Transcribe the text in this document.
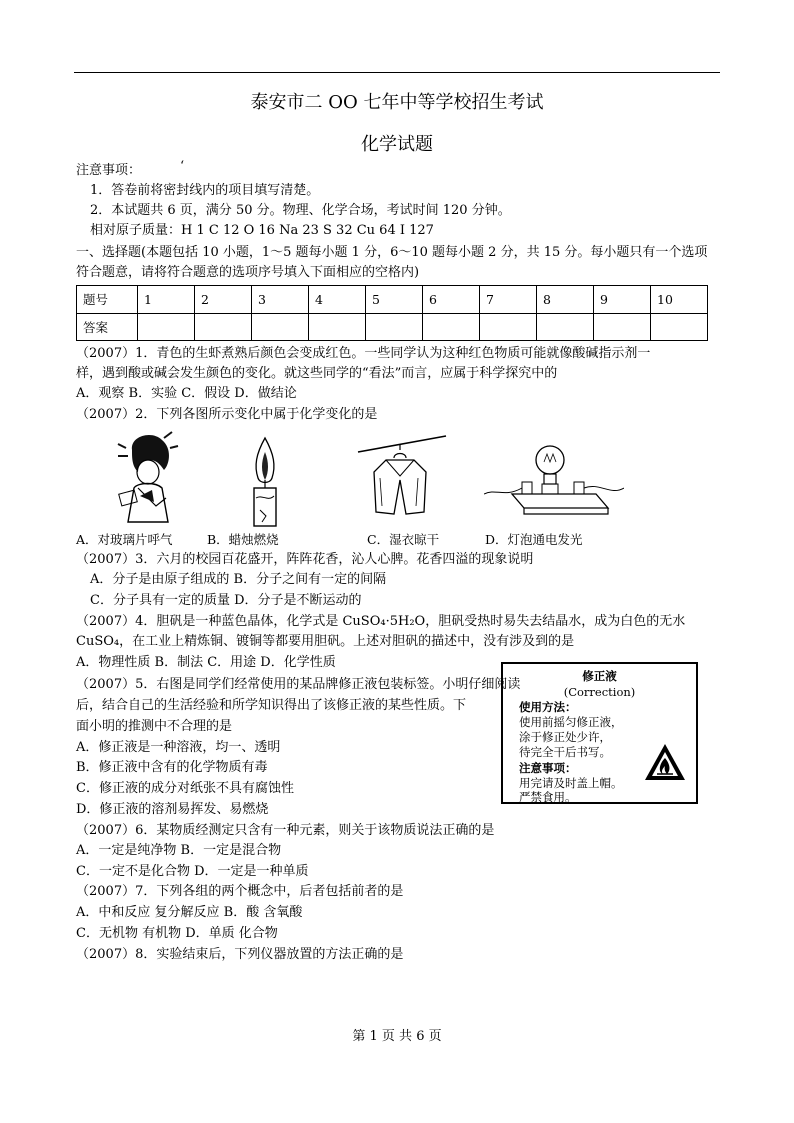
泰安市二 OO 七年中等学校招生考试
化学试题
注意事项：	‘
1．答卷前将密封线内的项目填写清楚。
2．本试题共 6 页，满分 50 分。物理、化学合场，考试时间 120 分钟。
相对原子质量：H 1 C 12 O 16 Na 23 S 32 Cu 64 I 127
一、选择题(本题包括 10 小题，1～5 题每小题 1 分，6～10 题每小题 2 分，共 15 分。每小题只有一个选项
符合题意，请将符合题意的选项序号填入下面相应的空格内)
题号	1	2	3	4	5	6	7	8	9	10
答案										
（2007）1．青色的生虾煮熟后颜色会变成红色。一些同学认为这种红色物质可能就像酸碱指示剂一
样，遇到酸或碱会发生颜色的变化。就这些同学的“看法”而言，应属于科学探究中的
A．观察 B．实验 C．假设 D．做结论
（2007）2．下列各图所示变化中属于化学变化的是
A．对玻璃片呼气	B．蜡烛燃烧	C．湿衣晾干	D．灯泡通电发光
（2007）3．六月的校园百花盛开，阵阵花香，沁人心脾。花香四溢的现象说明
A．分子是由原子组成的 B．分子之间有一定的间隔
C．分子具有一定的质量 D．分子是不断运动的
（2007）4．胆矾是一种蓝色晶体，化学式是 CuSO₄·5H₂O，胆矾受热时易失去结晶水，成为白色的无水
CuSO₄，在工业上精炼铜、镀铜等都要用胆矾。上述对胆矾的描述中，没有涉及到的是
A．物理性质 B．制法 C．用途 D．化学性质
（2007）5．右图是同学们经常使用的某品牌修正液包装标签。小明仔细阅读
后，结合自己的生活经验和所学知识得出了该修正液的某些性质。下
面小明的推测中不合理的是
A．修正液是一种溶液，均一、透明
B．修正液中含有的化学物质有毒
C．修正液的成分对纸张不具有腐蚀性
D．修正液的溶剂易挥发、易燃烧
修正液
(Correction)
使用方法：
使用前摇匀修正液，
涂于修正处少许，
待完全干后书写。
注意事项：
用完请及时盖上帽。
严禁食用。
（2007）6．某物质经测定只含有一种元素，则关于该物质说法正确的是
A．一定是纯净物 B．一定是混合物
C．一定不是化合物 D．一定是一种单质
（2007）7．下列各组的两个概念中，后者包括前者的是
A．中和反应 复分解反应 B．酸 含氧酸
C．无机物 有机物 D．单质 化合物
（2007）8．实验结束后，下列仪器放置的方法正确的是
第 1 页 共 6 页
